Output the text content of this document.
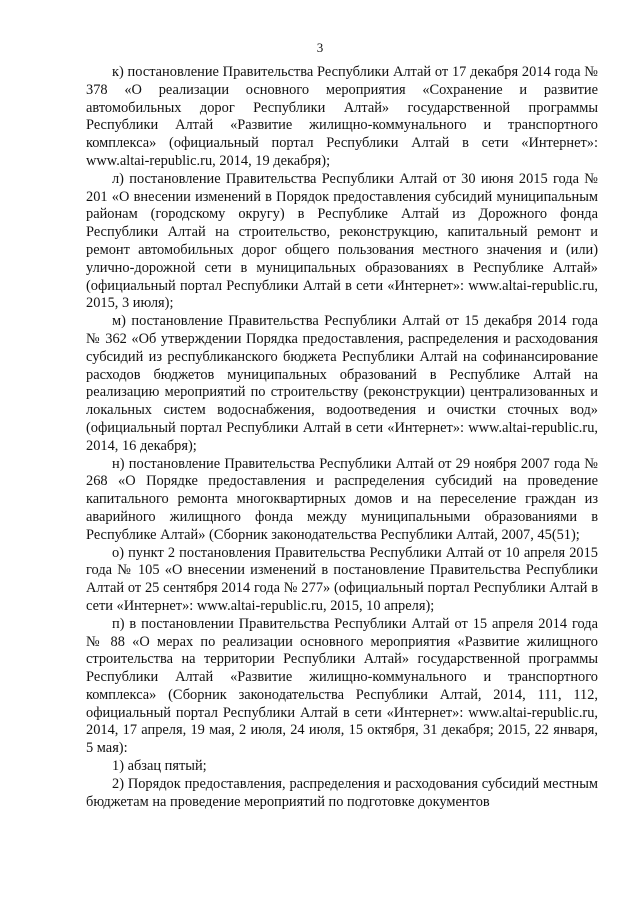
3

к) постановление Правительства Республики Алтай от 17 декабря 2014 года № 378 «О реализации основного мероприятия «Сохранение и развитие автомобильных дорог Республики Алтай» государственной программы Республики Алтай «Развитие жилищно-коммунального и транспортного комплекса» (официальный портал Республики Алтай в сети «Интернет»: www.altai-republic.ru, 2014, 19 декабря);

л) постановление Правительства Республики Алтай от 30 июня 2015 года № 201 «О внесении изменений в Порядок предоставления субсидий муниципальным районам (городскому округу) в Республике Алтай из Дорожного фонда Республики Алтай на строительство, реконструкцию, капитальный ремонт и ремонт автомобильных дорог общего пользования местного значения и (или) улично-дорожной сети в муниципальных образованиях в Республике Алтай» (официальный портал Республики Алтай в сети «Интернет»: www.altai-republic.ru, 2015, 3 июля);

м) постановление Правительства Республики Алтай от 15 декабря 2014 года № 362 «Об утверждении Порядка предоставления, распределения и расходования субсидий из республиканского бюджета Республики Алтай на софинансирование расходов бюджетов муниципальных образований в Республике Алтай на реализацию мероприятий по строительству (реконструкции) централизованных и локальных систем водоснабжения, водоотведения и очистки сточных вод» (официальный портал Республики Алтай в сети «Интернет»: www.altai-republic.ru, 2014, 16 декабря);

н) постановление Правительства Республики Алтай от 29 ноября 2007 года № 268 «О Порядке предоставления и распределения субсидий на проведение капитального ремонта многоквартирных домов и на переселение граждан из аварийного жилищного фонда между муниципальными образованиями в Республике Алтай» (Сборник законодательства Республики Алтай, 2007, 45(51);

о) пункт 2 постановления Правительства Республики Алтай от 10 апреля 2015 года № 105 «О внесении изменений в постановление Правительства Республики Алтай от 25 сентября 2014 года № 277» (официальный портал Республики Алтай в сети «Интернет»: www.altai-republic.ru, 2015, 10 апреля);

п) в постановлении Правительства Республики Алтай от 15 апреля 2014 года № 88 «О мерах по реализации основного мероприятия «Развитие жилищного строительства на территории Республики Алтай» государственной программы Республики Алтай «Развитие жилищно-коммунального и транспортного комплекса» (Сборник законодательства Республики Алтай, 2014, 111, 112, официальный портал Республики Алтай в сети «Интернет»: www.altai-republic.ru, 2014, 17 апреля, 19 мая, 2 июля, 24 июля, 15 октября, 31 декабря; 2015, 22 января, 5 мая):

1) абзац пятый;

2) Порядок предоставления, распределения и расходования субсидий местным бюджетам на проведение мероприятий по подготовке документов
